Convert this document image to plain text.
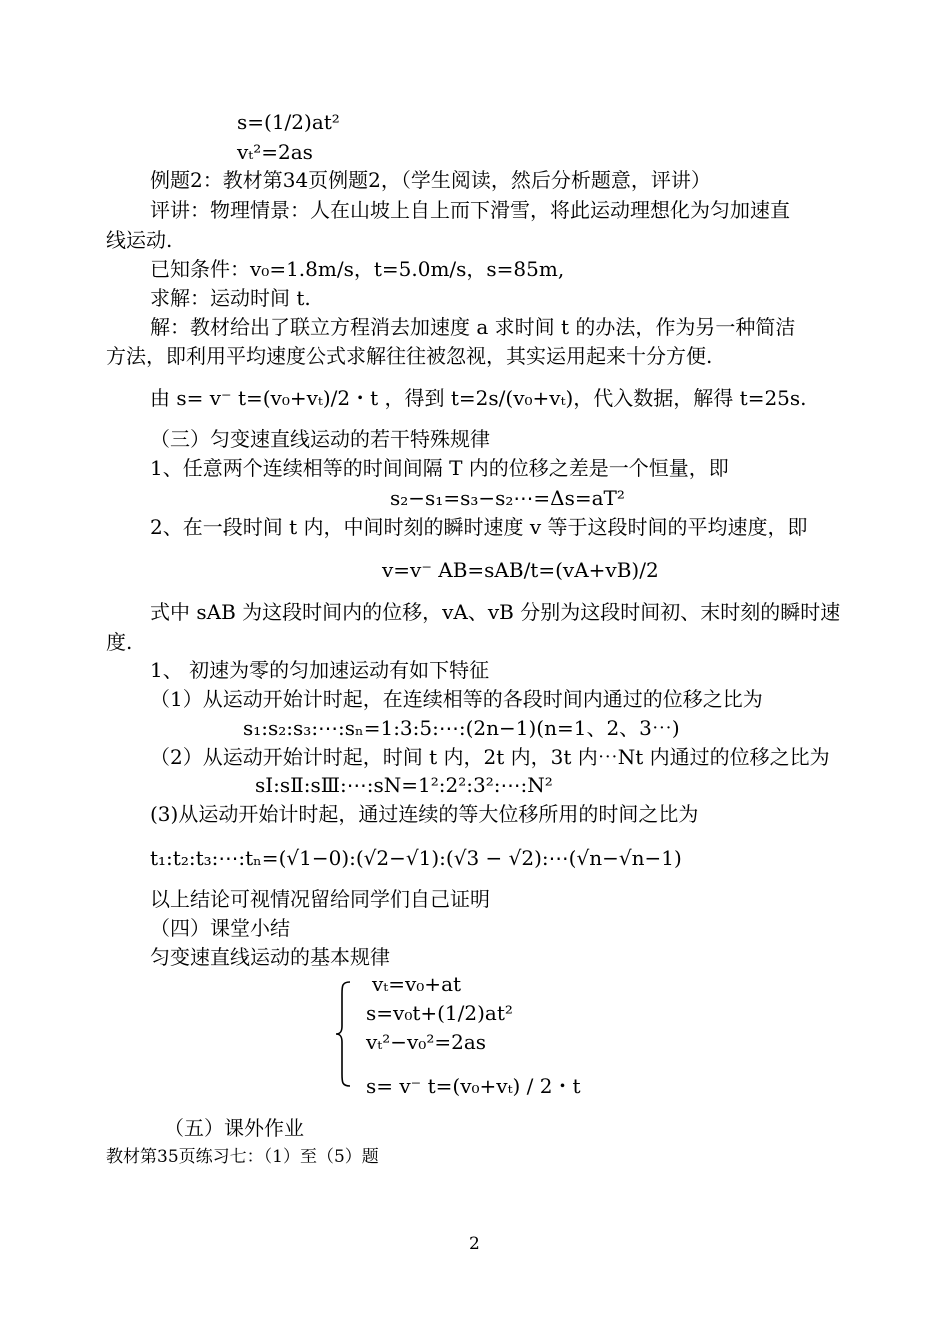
s=(1/2)at²
vₜ²=2as
例题2：教材第34页例题2，（学生阅读，然后分析题意，评讲）
评讲：物理情景：人在山坡上自上而下滑雪，将此运动理想化为匀加速直
线运动.
已知条件：v₀=1.8m/s，t=5.0m/s，s=85m,
求解：运动时间 t.
解：教材给出了联立方程消去加速度 a 求时间 t 的办法，作为另一种简洁
方法，即利用平均速度公式求解往往被忽视，其实运用起来十分方便.
由 s= v⁻ t=(v₀+vₜ)/2・t ，得到 t=2s/(v₀+vₜ)，代入数据，解得 t=25s.
（三）匀变速直线运动的若干特殊规律
1、任意两个连续相等的时间间隔 T 内的位移之差是一个恒量，即
s₂−s₁=s₃−s₂⋯=Δs=aT²
2、在一段时间 t 内，中间时刻的瞬时速度 v 等于这段时间的平均速度，即
v=v⁻ AB=sAB/t=(vA+vB)/2
式中 sAB 为这段时间内的位移，vA、vB 分别为这段时间初、末时刻的瞬时速
度.
1、 初速为零的匀加速运动有如下特征
（1）从运动开始计时起，在连续相等的各段时间内通过的位移之比为
s₁:s₂:s₃:⋯:sₙ=1:3:5:⋯:(2n−1)(n=1、2、3⋯)
（2）从运动开始计时起，时间 t 内，2t 内，3t 内⋯Nt 内通过的位移之比为
sⅠ:sⅡ:sⅢ:⋯:sN=1²:2²:3²:⋯:N²
(3)从运动开始计时起，通过连续的等大位移所用的时间之比为
t₁:t₂:t₃:⋯:tₙ=(√1−0):(√2−√1):(√3 − √2):⋯(√n−√n−1)
以上结论可视情况留给同学们自己证明
（四）课堂小结
匀变速直线运动的基本规律
vₜ=v₀+at
s=v₀t+(1/2)at²
vₜ²−v₀²=2as
s= v⁻ t=(v₀+vₜ) / 2・t
（五）课外作业
教材第35页练习七：（1）至（5）题
2
